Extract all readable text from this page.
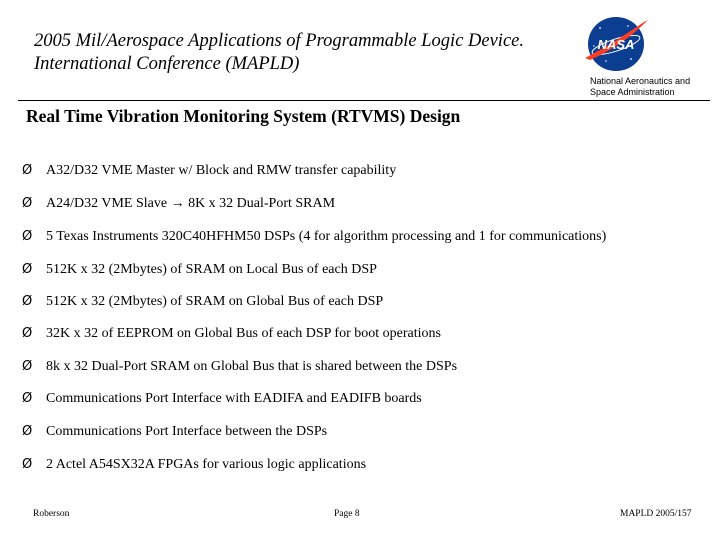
2005 Mil/Aerospace Applications of Programmable Logic Device.
International Conference (MAPLD)
NASA
National Aeronautics and
Space Administration
Real Time Vibration Monitoring System (RTVMS) Design
Ø A32/D32 VME Master w/ Block and RMW transfer capability
Ø A24/D32 VME Slave → 8K x 32 Dual-Port SRAM
Ø 5 Texas Instruments 320C40HFHM50 DSPs (4 for algorithm processing and 1 for communications)
Ø 512K x 32 (2Mbytes) of SRAM on Local Bus of each DSP
Ø 512K x 32 (2Mbytes) of SRAM on Global Bus of each DSP
Ø 32K x 32 of EEPROM on Global Bus of each DSP for boot operations
Ø 8k x 32 Dual-Port SRAM on Global Bus that is shared between the DSPs
Ø Communications Port Interface with EADIFA and EADIFB boards
Ø Communications Port Interface between the DSPs
Ø 2 Actel A54SX32A FPGAs for various logic applications
Roberson	Page 8	MAPLD 2005/157
